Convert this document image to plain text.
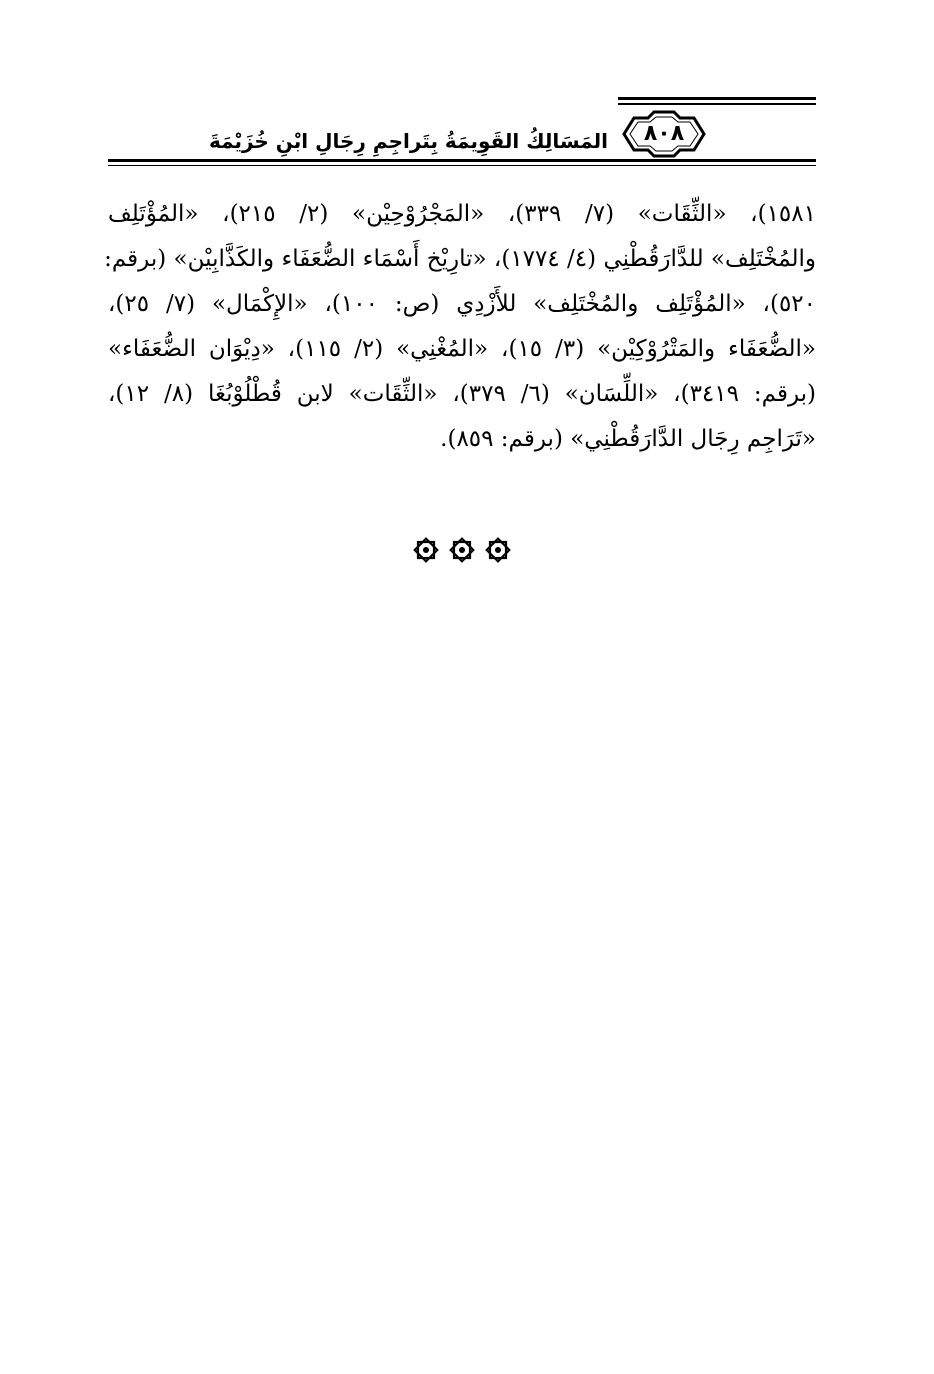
٨٠٨
المَسَالِكُ القَوِيمَةُ بِتَراجِمِ رِجَالِ ابْنِ خُزَيْمَةَ
١٥٨١)، «الثِّقَات» (٧/ ٣٣٩)، «المَجْرُوْحِيْن» (٢/ ٢١٥)، «المُؤْتَلِف
والمُخْتَلِف» للدَّارَقُطْنِي (٤/ ١٧٧٤)، «تارِيْخ أَسْمَاء الضُّعَفَاء والكَذَّابِيْن» (برقم:
٥٢٠)، «المُؤْتَلِف والمُخْتَلِف» للأَزْدِي (ص: ١٠٠)، «الإِكْمَال» (٧/ ٢٥)،
«الضُّعَفَاء والمَتْرُوْكِيْن» (٣/ ١٥)، «المُغْنِي» (٢/ ١١٥)، «دِيْوَان الضُّعَفَاء»
(برقم: ٣٤١٩)، «اللِّسَان» (٦/ ٣٧٩)، «الثِّقَات» لابن قُطْلُوْبُغَا (٨/ ١٢)،
«تَرَاجِم رِجَال الدَّارَقُطْنِي» (برقم: ٨٥٩).
